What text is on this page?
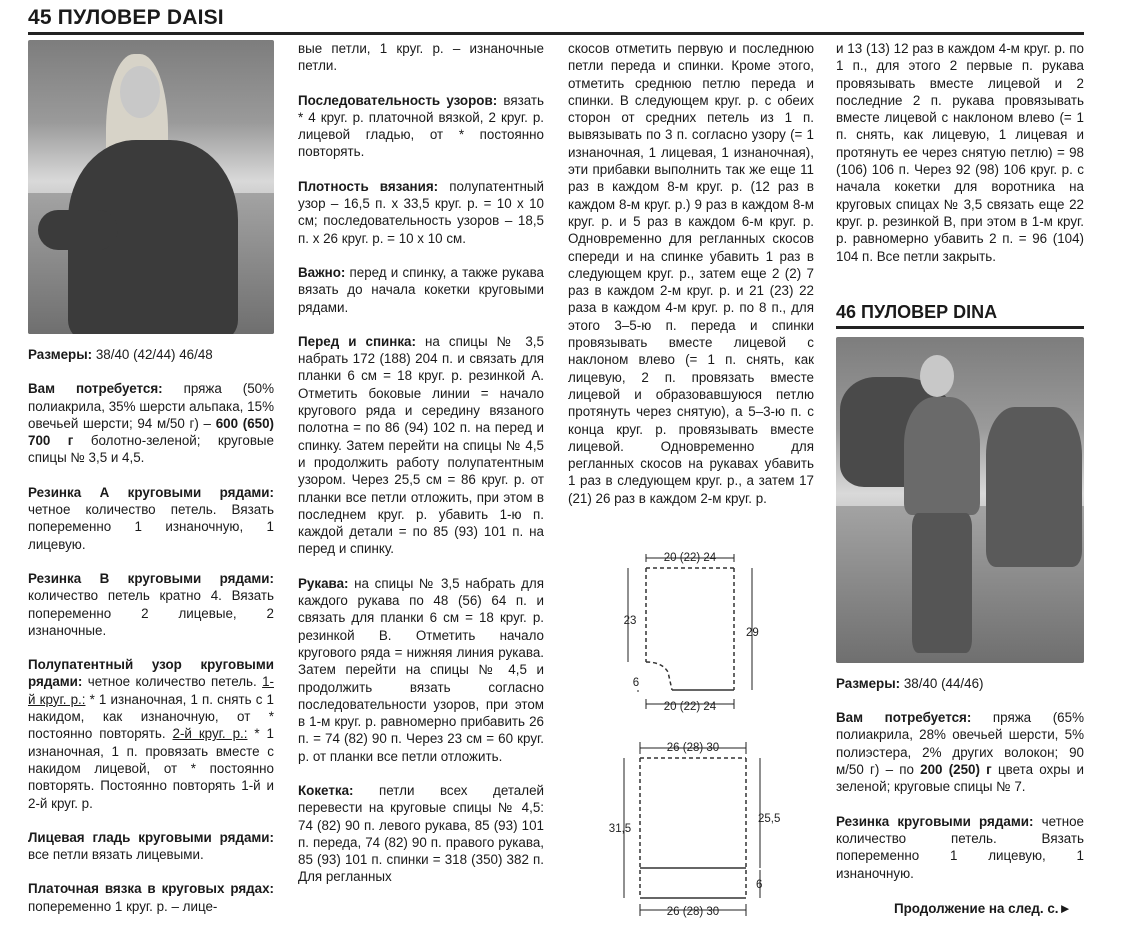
45 ПУЛОВЕР DAISI

Размеры: 38/40 (42/44) 46/48

Вам потребуется: пряжа (50% полиакрила, 35% шерсти альпака, 15% овечьей шерсти; 94 м/50 г) – 600 (650) 700 г болотно-зеленой; круговые спицы № 3,5 и 4,5.

Резинка А круговыми рядами: четное количество петель. Вязать попеременно 1 изнаночную, 1 лицевую.

Резинка B круговыми рядами: количество петель кратно 4. Вязать попеременно 2 лицевые, 2 изнаночные.

Полупатентный узор круговыми рядами: четное количество петель. 1-й круг. р.: * 1 изнаночная, 1 п. снять с 1 накидом, как изнаночную, от * постоянно повторять. 2-й круг. р.: * 1 изнаночная, 1 п. провязать вместе с накидом лицевой, от * постоянно повторять. Постоянно повторять 1-й и 2-й круг. р.

Лицевая гладь круговыми рядами: все петли вязать лицевыми.

Платочная вязка в круговых рядах: попеременно 1 круг. р. – лице-

вые петли, 1 круг. р. – изнаночные петли.

Последовательность узоров: вязать * 4 круг. р. платочной вязкой, 2 круг. р. лицевой гладью, от * постоянно повторять.

Плотность вязания: полупатентный узор – 16,5 п. х 33,5 круг. р. = 10 х 10 см; последовательность узоров – 18,5 п. х 26 круг. р. = 10 х 10 см.

Важно: перед и спинку, а также рукава вязать до начала кокетки круговыми рядами.

Перед и спинка: на спицы № 3,5 набрать 172 (188) 204 п. и связать для планки 6 см = 18 круг. р. резинкой А. Отметить боковые линии = начало кругового ряда и середину вязаного полотна = по 86 (94) 102 п. на перед и спинку. Затем перейти на спицы № 4,5 и продолжить работу полупатентным узором. Через 25,5 см = 86 круг. р. от планки все петли отложить, при этом в последнем круг. р. убавить 1-ю п. каждой детали = по 85 (93) 101 п. на перед и спинку.

Рукава: на спицы № 3,5 набрать для каждого рукава по 48 (56) 64 п. и связать для планки 6 см = 18 круг. р. резинкой В. Отметить начало кругового ряда = нижняя линия рукава. Затем перейти на спицы № 4,5 и продолжить вязать согласно последовательности узоров, при этом в 1-м круг. р. равномерно прибавить 26 п. = 74 (82) 90 п. Через 23 см = 60 круг. р. от планки все петли отложить.

Кокетка: петли всех деталей перевести на круговые спицы № 4,5: 74 (82) 90 п. левого рукава, 85 (93) 101 п. переда, 74 (82) 90 п. правого рукава, 85 (93) 101 п. спинки = 318 (350) 382 п. Для регланных

скосов отметить первую и последнюю петли переда и спинки. Кроме этого, отметить среднюю петлю переда и спинки. В следующем круг. р. с обеих сторон от средних петель из 1 п. вывязывать по 3 п. согласно узору (= 1 изнаночная, 1 лицевая, 1 изнаночная), эти прибавки выполнить так же еще 11 раз в каждом 8-м круг. р. (12 раз в каждом 8-м круг. р.) 9 раз в каждом 8-м круг. р. и 5 раз в каждом 6-м круг. р. Одновременно для регланных скосов спереди и на спинке убавить 1 раз в следующем круг. р., затем еще 2 (2) 7 раз в каждом 2-м круг. р. и 21 (23) 22 раза в каждом 4-м круг. р. по 8 п., для этого 3–5-ю п. переда и спинки провязывать вместе лицевой с наклоном влево (= 1 п. снять, как лицевую, 2 п. провязать вместе лицевой и образовавшуюся петлю протянуть через снятую), а 5–3-ю п. с конца круг. р. провязывать вместе лицевой. Одновременно для регланных скосов на рукавах убавить 1 раз в следующем круг. р., а затем 17 (21) 26 раз в каждом 2-м круг. р.

20 (22) 24
23
29
6
20 (22) 24
26 (28) 30
31,5
25,5
6
26 (28) 30

и 13 (13) 12 раз в каждом 4-м круг. р. по 1 п., для этого 2 первые п. рукава провязывать вместе лицевой и 2 последние 2 п. рукава провязывать вместе лицевой с наклоном влево (= 1 п. снять, как лицевую, 1 лицевая и протянуть ее через снятую петлю) = 98 (106) 106 п. Через 92 (98) 106 круг. р. с начала кокетки для воротника на круговых спицах № 3,5 связать еще 22 круг. р. резинкой В, при этом в 1-м круг. р. равномерно убавить 2 п. = 96 (104) 104 п. Все петли закрыть.

46 ПУЛОВЕР DINA

Размеры: 38/40 (44/46)

Вам потребуется: пряжа (65% полиакрила, 28% овечьей шерсти, 5% полиэстера, 2% других волокон; 90 м/50 г) – по 200 (250) г цвета охры и зеленой; круговые спицы № 7.

Резинка круговыми рядами: четное количество петель. Вязать попеременно 1 лицевую, 1 изнаночную.

Продолжение на след. с.►
